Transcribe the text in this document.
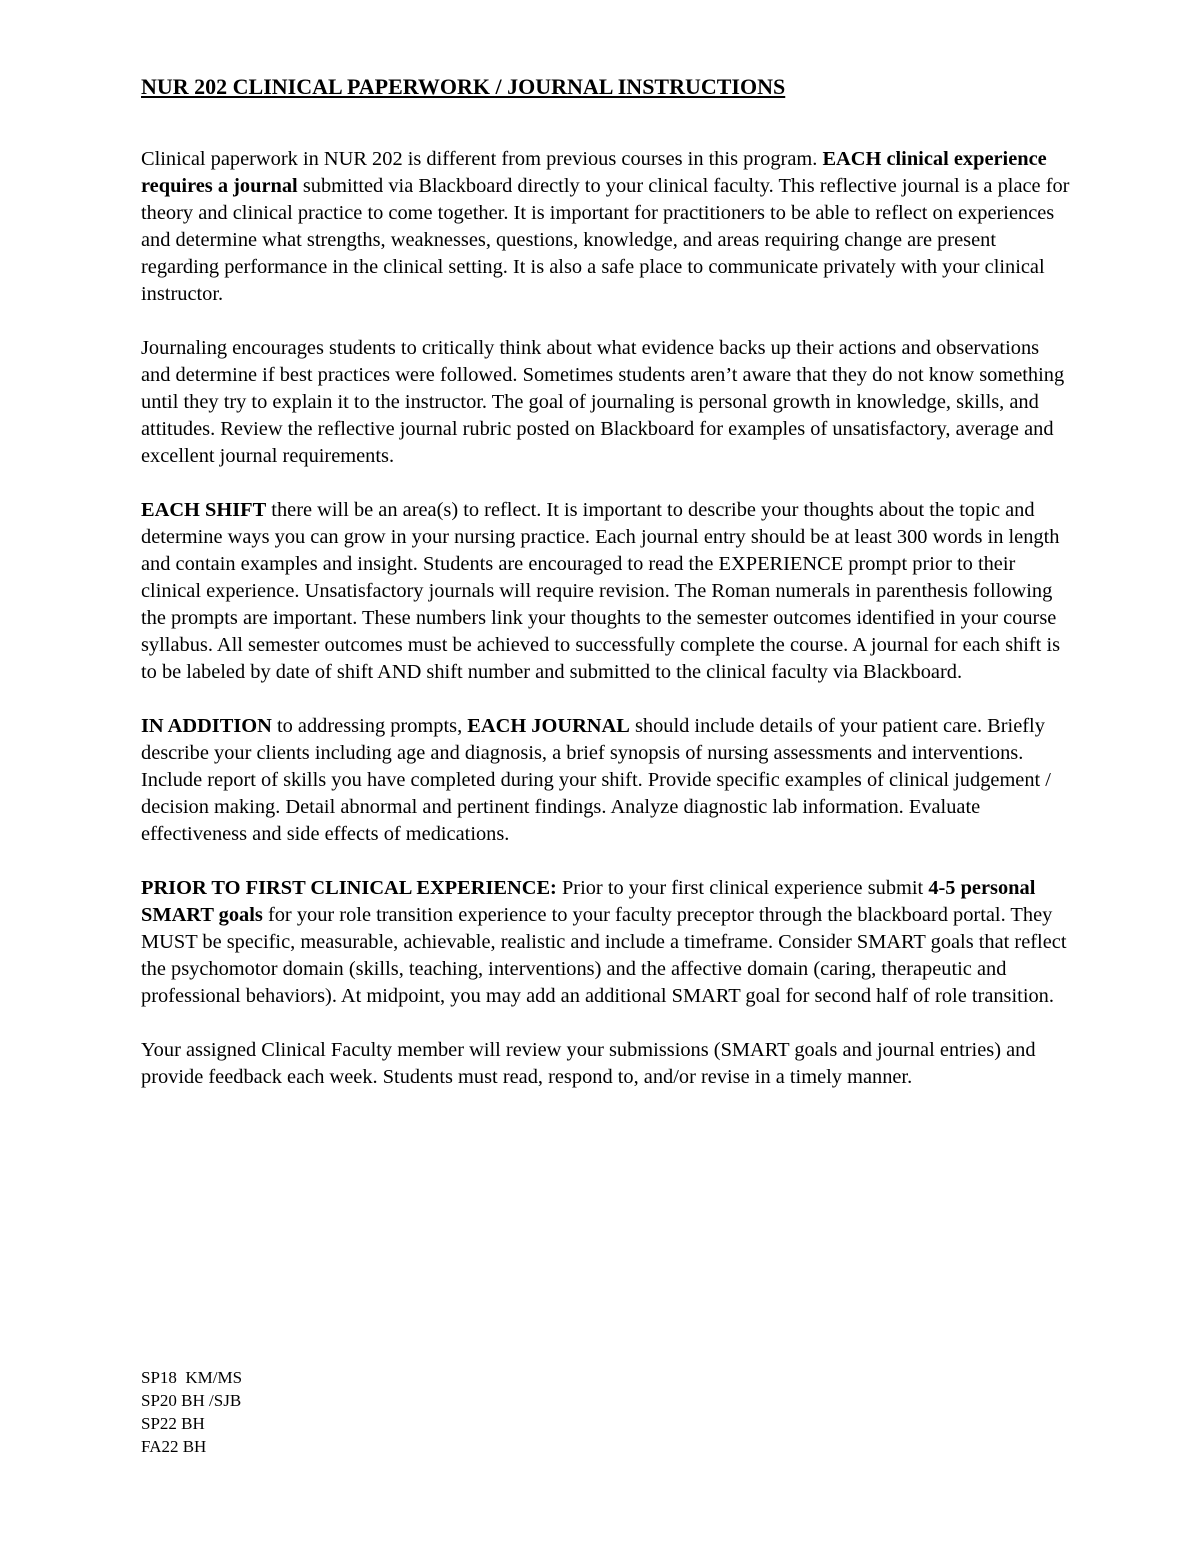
NUR 202 CLINICAL PAPERWORK / JOURNAL INSTRUCTIONS

Clinical paperwork in NUR 202 is different from previous courses in this program. EACH clinical experience requires a journal submitted via Blackboard directly to your clinical faculty. This reflective journal is a place for theory and clinical practice to come together. It is important for practitioners to be able to reflect on experiences and determine what strengths, weaknesses, questions, knowledge, and areas requiring change are present regarding performance in the clinical setting. It is also a safe place to communicate privately with your clinical instructor.

Journaling encourages students to critically think about what evidence backs up their actions and observations and determine if best practices were followed. Sometimes students aren’t aware that they do not know something until they try to explain it to the instructor. The goal of journaling is personal growth in knowledge, skills, and attitudes. Review the reflective journal rubric posted on Blackboard for examples of unsatisfactory, average and excellent journal requirements.

EACH SHIFT there will be an area(s) to reflect. It is important to describe your thoughts about the topic and determine ways you can grow in your nursing practice. Each journal entry should be at least 300 words in length and contain examples and insight. Students are encouraged to read the EXPERIENCE prompt prior to their clinical experience. Unsatisfactory journals will require revision. The Roman numerals in parenthesis following the prompts are important. These numbers link your thoughts to the semester outcomes identified in your course syllabus. All semester outcomes must be achieved to successfully complete the course. A journal for each shift is to be labeled by date of shift AND shift number and submitted to the clinical faculty via Blackboard.

IN ADDITION to addressing prompts, EACH JOURNAL should include details of your patient care. Briefly describe your clients including age and diagnosis, a brief synopsis of nursing assessments and interventions. Include report of skills you have completed during your shift. Provide specific examples of clinical judgement / decision making. Detail abnormal and pertinent findings. Analyze diagnostic lab information. Evaluate effectiveness and side effects of medications.

PRIOR TO FIRST CLINICAL EXPERIENCE: Prior to your first clinical experience submit 4-5 personal SMART goals for your role transition experience to your faculty preceptor through the blackboard portal. They MUST be specific, measurable, achievable, realistic and include a timeframe. Consider SMART goals that reflect the psychomotor domain (skills, teaching, interventions) and the affective domain (caring, therapeutic and professional behaviors). At midpoint, you may add an additional SMART goal for second half of role transition.

Your assigned Clinical Faculty member will review your submissions (SMART goals and journal entries) and provide feedback each week. Students must read, respond to, and/or revise in a timely manner.

SP18  KM/MS
SP20 BH /SJB
SP22 BH
FA22 BH
